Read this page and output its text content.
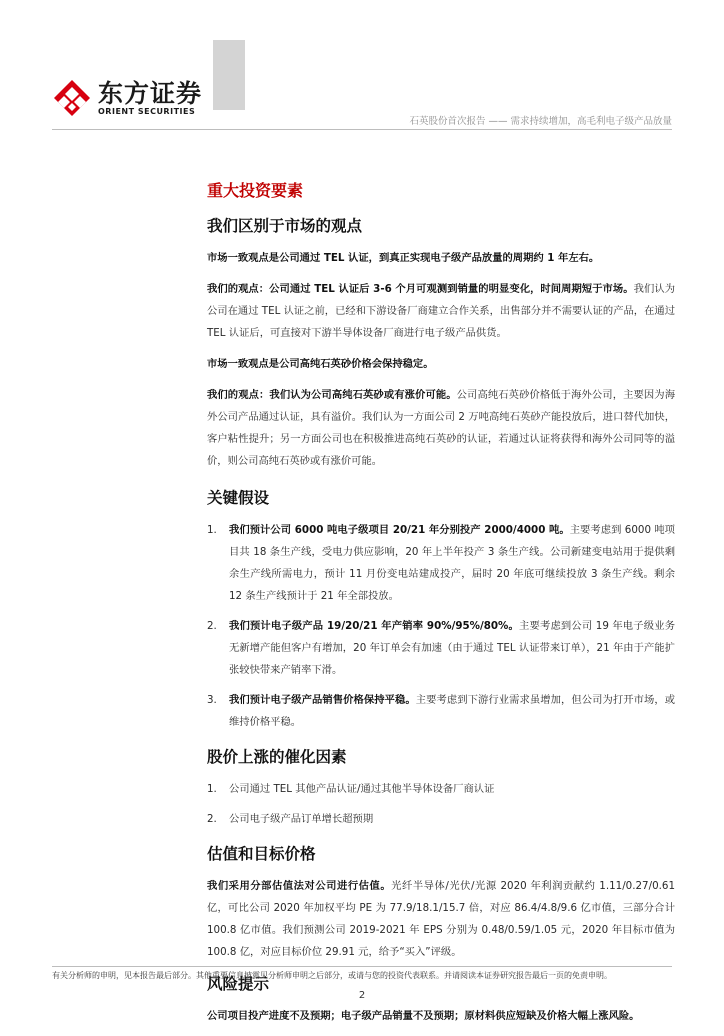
东方证券
ORIENT SECURITIES
石英股份首次报告 —— 需求持续增加，高毛利电子级产品放量
重大投资要素
我们区别于市场的观点

市场一致观点是公司通过 TEL 认证，到真正实现电子级产品放量的周期约 1 年左右。

我们的观点：公司通过 TEL 认证后 3-6 个月可观测到销量的明显变化，时间周期短于市场。我们认为公司在通过 TEL 认证之前，已经和下游设备厂商建立合作关系，出售部分并不需要认证的产品，在通过 TEL 认证后，可直接对下游半导体设备厂商进行电子级产品供货。

市场一致观点是公司高纯石英砂价格会保持稳定。

我们的观点：我们认为公司高纯石英砂或有涨价可能。公司高纯石英砂价格低于海外公司，主要因为海外公司产品通过认证，具有溢价。我们认为一方面公司 2 万吨高纯石英砂产能投放后，进口替代加快，客户粘性提升；另一方面公司也在积极推进高纯石英砂的认证，若通过认证将获得和海外公司同等的溢价，则公司高纯石英砂或有涨价可能。

关键假设
1. 我们预计公司 6000 吨电子级项目 20/21 年分别投产 2000/4000 吨。主要考虑到 6000 吨项目共 18 条生产线，受电力供应影响，20 年上半年投产 3 条生产线。公司新建变电站用于提供剩余生产线所需电力，预计 11 月份变电站建成投产，届时 20 年底可继续投放 3 条生产线。剩余 12 条生产线预计于 21 年全部投放。
2. 我们预计电子级产品 19/20/21 年产销率 90%/95%/80%。主要考虑到公司 19 年电子级业务无新增产能但客户有增加，20 年订单会有加速（由于通过 TEL 认证带来订单），21 年由于产能扩张较快带来产销率下滑。
3. 我们预计电子级产品销售价格保持平稳。主要考虑到下游行业需求虽增加，但公司为打开市场，或维持价格平稳。
股价上涨的催化因素
1. 公司通过 TEL 其他产品认证/通过其他半导体设备厂商认证
2. 公司电子级产品订单增长超预期
估值和目标价格

我们采用分部估值法对公司进行估值。光纤半导体/光伏/光源 2020 年利润贡献约 1.11/0.27/0.61 亿，可比公司 2020 年加权平均 PE 为 77.9/18.1/15.7 倍，对应 86.4/4.8/9.6 亿市值，三部分合计 100.8 亿市值。我们预测公司 2019-2021 年 EPS 分别为 0.48/0.59/1.05 元，2020 年目标市值为 100.8 亿，对应目标价位 29.91 元，给予“买入”评级。

风险提示

公司项目投产进度不及预期；电子级产品销量不及预期；原材料供应短缺及价格大幅上涨风险。

有关分析师的申明，见本报告最后部分。其他重要信息披露见分析师申明之后部分，或请与您的投资代表联系。并请阅读本证券研究报告最后一页的免责申明。
2
